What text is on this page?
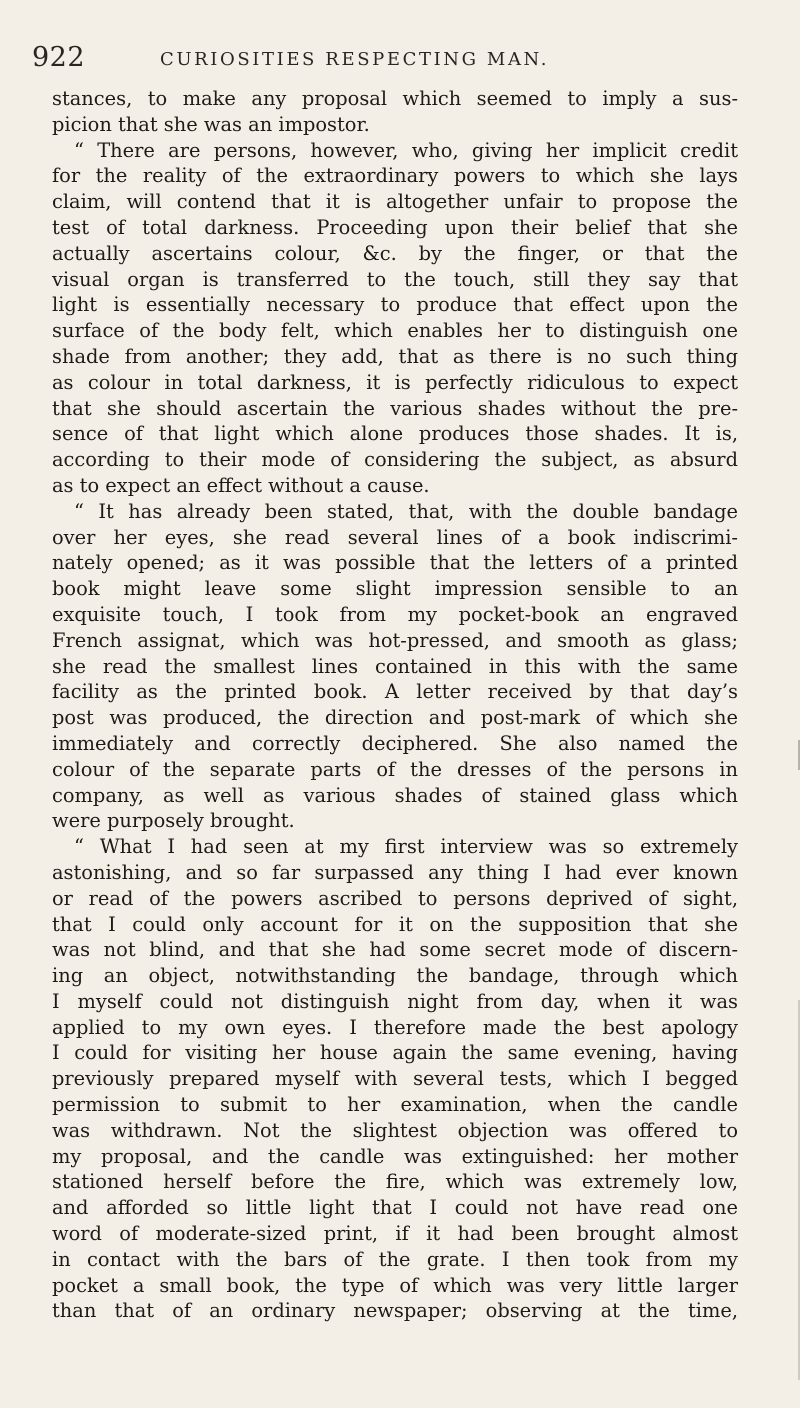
922	CURIOSITIES RESPECTING MAN.
stances, to make any proposal which seemed to imply a sus-
picion that she was an impostor.
“ There are persons, however, who, giving her implicit credit
for the reality of the extraordinary powers to which she lays
claim, will contend that it is altogether unfair to propose the
test of total darkness. Proceeding upon their belief that she
actually ascertains colour, &c. by the finger, or that the
visual organ is transferred to the touch, still they say that
light is essentially necessary to produce that effect upon the
surface of the body felt, which enables her to distinguish one
shade from another; they add, that as there is no such thing
as colour in total darkness, it is perfectly ridiculous to expect
that she should ascertain the various shades without the pre-
sence of that light which alone produces those shades. It is,
according to their mode of considering the subject, as absurd
as to expect an effect without a cause.
“ It has already been stated, that, with the double bandage
over her eyes, she read several lines of a book indiscrimi-
nately opened; as it was possible that the letters of a printed
book might leave some slight impression sensible to an
exquisite touch, I took from my pocket-book an engraved
French assignat, which was hot-pressed, and smooth as glass;
she read the smallest lines contained in this with the same
facility as the printed book. A letter received by that day’s
post was produced, the direction and post-mark of which she
immediately and correctly deciphered. She also named the
colour of the separate parts of the dresses of the persons in
company, as well as various shades of stained glass which
were purposely brought.
“ What I had seen at my first interview was so extremely
astonishing, and so far surpassed any thing I had ever known
or read of the powers ascribed to persons deprived of sight,
that I could only account for it on the supposition that she
was not blind, and that she had some secret mode of discern-
ing an object, notwithstanding the bandage, through which
I myself could not distinguish night from day, when it was
applied to my own eyes. I therefore made the best apology
I could for visiting her house again the same evening, having
previously prepared myself with several tests, which I begged
permission to submit to her examination, when the candle
was withdrawn. Not the slightest objection was offered to
my proposal, and the candle was extinguished: her mother
stationed herself before the fire, which was extremely low,
and afforded so little light that I could not have read one
word of moderate-sized print, if it had been brought almost
in contact with the bars of the grate. I then took from my
pocket a small book, the type of which was very little larger
than that of an ordinary newspaper; observing at the time,
